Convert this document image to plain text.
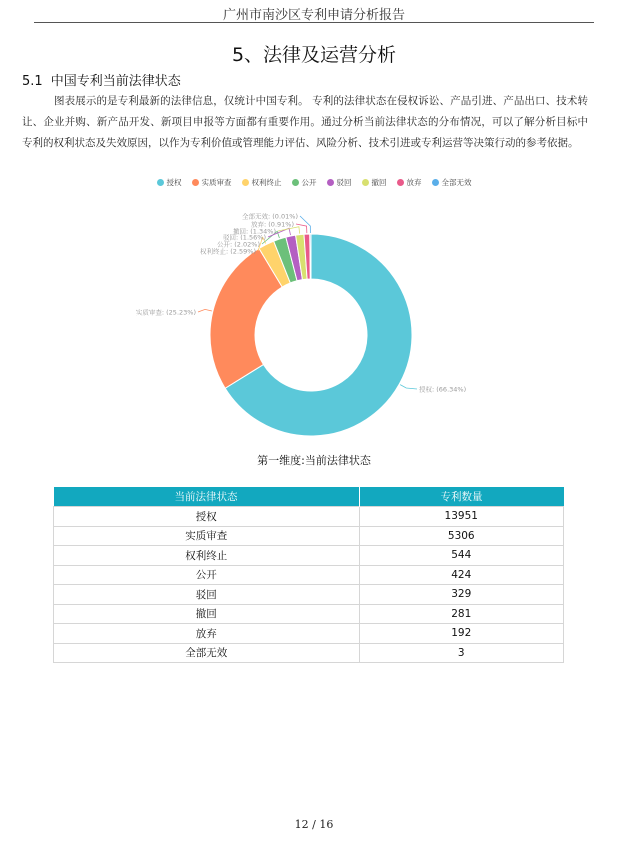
广州市南沙区专利申请分析报告
5、法律及运营分析
5.1 中国专利当前法律状态

图表展示的是专利最新的法律信息，仅统计中国专利。 专利的法律状态在侵权诉讼、产品引进、产品出口、技术转让、企业并购、新产品开发、新项目申报等方面都有重要作用。通过分析当前法律状态的分布情况，可以了解分析目标中专利的权利状态及失效原因，以作为专利价值或管理能力评估、风险分析、技术引进或专利运营等决策行动的参考依据。

授权	实质审查	权利终止	公开	驳回	撤回	放弃	全部无效
授权: (66.34%)
实质审查: (25.23%)
权利终止: (2.59%)
公开: (2.02%)
驳回: (1.56%)
撤回: (1.34%)
放弃: (0.91%)
全部无效: (0.01%)
第一维度:当前法律状态
当前法律状态	专利数量
授权	13951
实质审查	5306
权利终止	544
公开	424
驳回	329
撤回	281
放弃	192
全部无效	3
12 / 16
